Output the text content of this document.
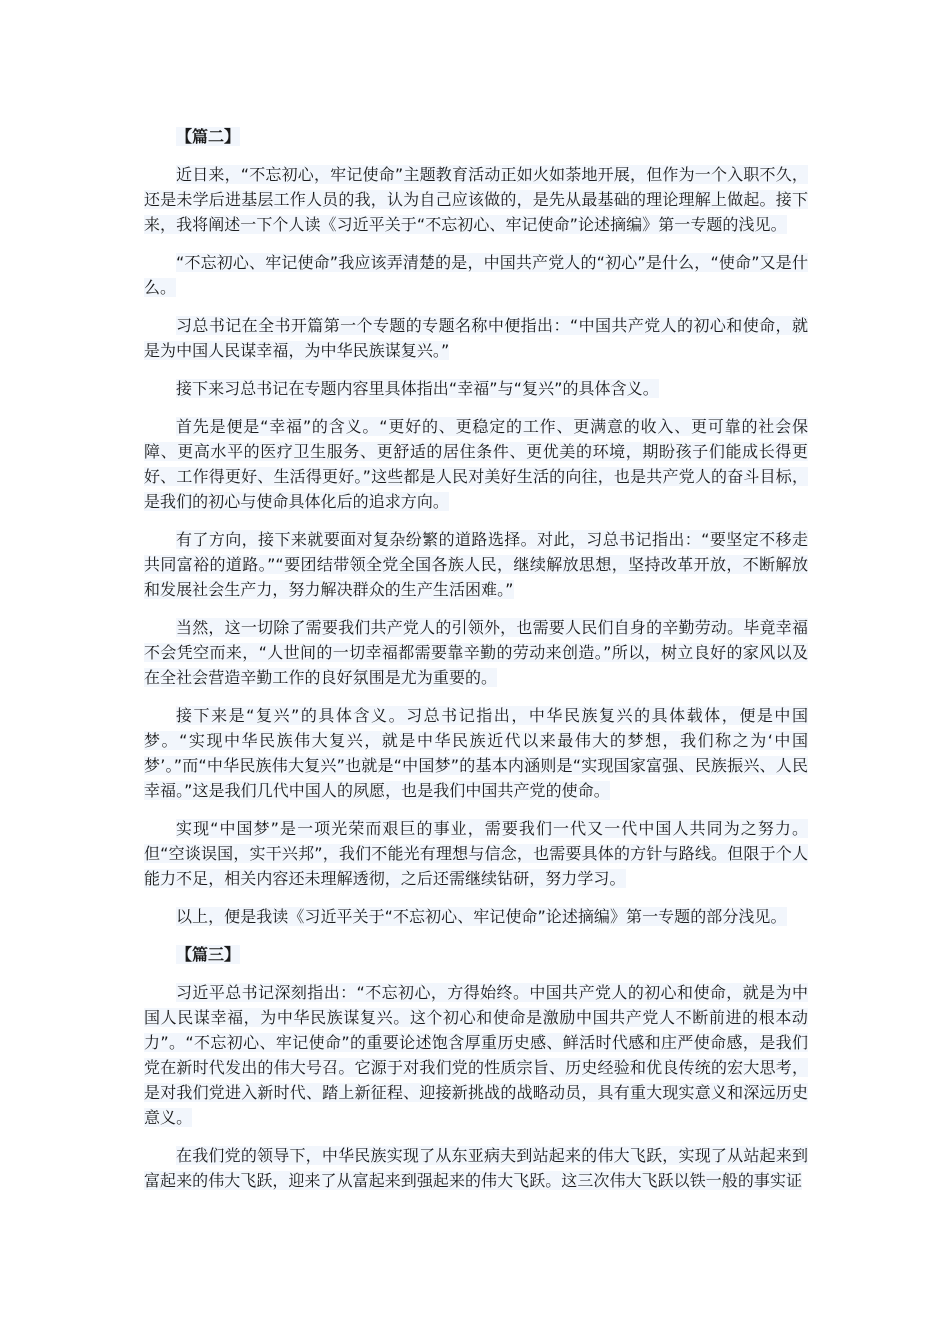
【篇二】

近日来，“不忘初心，牢记使命”主题教育活动正如火如荼地开展，但作为一个入职不久，还是未学后进基层工作人员的我，认为自己应该做的，是先从最基础的理论理解上做起。接下来，我将阐述一下个人读《习近平关于“不忘初心、牢记使命”论述摘编》第一专题的浅见。

“不忘初心、牢记使命”我应该弄清楚的是，中国共产党人的“初心”是什么，“使命”又是什么。

习总书记在全书开篇第一个专题的专题名称中便指出：“中国共产党人的初心和使命，就是为中国人民谋幸福，为中华民族谋复兴。”

接下来习总书记在专题内容里具体指出“幸福”与“复兴”的具体含义。

首先是便是“幸福”的含义。“更好的、更稳定的工作、更满意的收入、更可靠的社会保障、更高水平的医疗卫生服务、更舒适的居住条件、更优美的环境，期盼孩子们能成长得更好、工作得更好、生活得更好。”这些都是人民对美好生活的向往，也是共产党人的奋斗目标，是我们的初心与使命具体化后的追求方向。

有了方向，接下来就要面对复杂纷繁的道路选择。对此，习总书记指出：“要坚定不移走共同富裕的道路。”“要团结带领全党全国各族人民，继续解放思想，坚持改革开放，不断解放和发展社会生产力，努力解决群众的生产生活困难。”

当然，这一切除了需要我们共产党人的引领外，也需要人民们自身的辛勤劳动。毕竟幸福不会凭空而来，“人世间的一切幸福都需要靠辛勤的劳动来创造。”所以，树立良好的家风以及在全社会营造辛勤工作的良好氛围是尤为重要的。

接下来是“复兴”的具体含义。习总书记指出，中华民族复兴的具体载体，便是中国梦。“实现中华民族伟大复兴，就是中华民族近代以来最伟大的梦想，我们称之为‘中国梦’。”而“中华民族伟大复兴”也就是“中国梦”的基本内涵则是“实现国家富强、民族振兴、人民幸福。”这是我们几代中国人的夙愿，也是我们中国共产党的使命。

实现“中国梦”是一项光荣而艰巨的事业，需要我们一代又一代中国人共同为之努力。但“空谈误国，实干兴邦”，我们不能光有理想与信念，也需要具体的方针与路线。但限于个人能力不足，相关内容还未理解透彻，之后还需继续钻研，努力学习。

以上，便是我读《习近平关于“不忘初心、牢记使命”论述摘编》第一专题的部分浅见。

【篇三】

习近平总书记深刻指出：“不忘初心，方得始终。中国共产党人的初心和使命，就是为中国人民谋幸福，为中华民族谋复兴。这个初心和使命是激励中国共产党人不断前进的根本动力”。“不忘初心、牢记使命”的重要论述饱含厚重历史感、鲜活时代感和庄严使命感，是我们党在新时代发出的伟大号召。它源于对我们党的性质宗旨、历史经验和优良传统的宏大思考，是对我们党进入新时代、踏上新征程、迎接新挑战的战略动员，具有重大现实意义和深远历史意义。

在我们党的领导下，中华民族实现了从东亚病夫到站起来的伟大飞跃，实现了从站起来到富起来的伟大飞跃，迎来了从富起来到强起来的伟大飞跃。这三次伟大飞跃以铁一般的事实证
